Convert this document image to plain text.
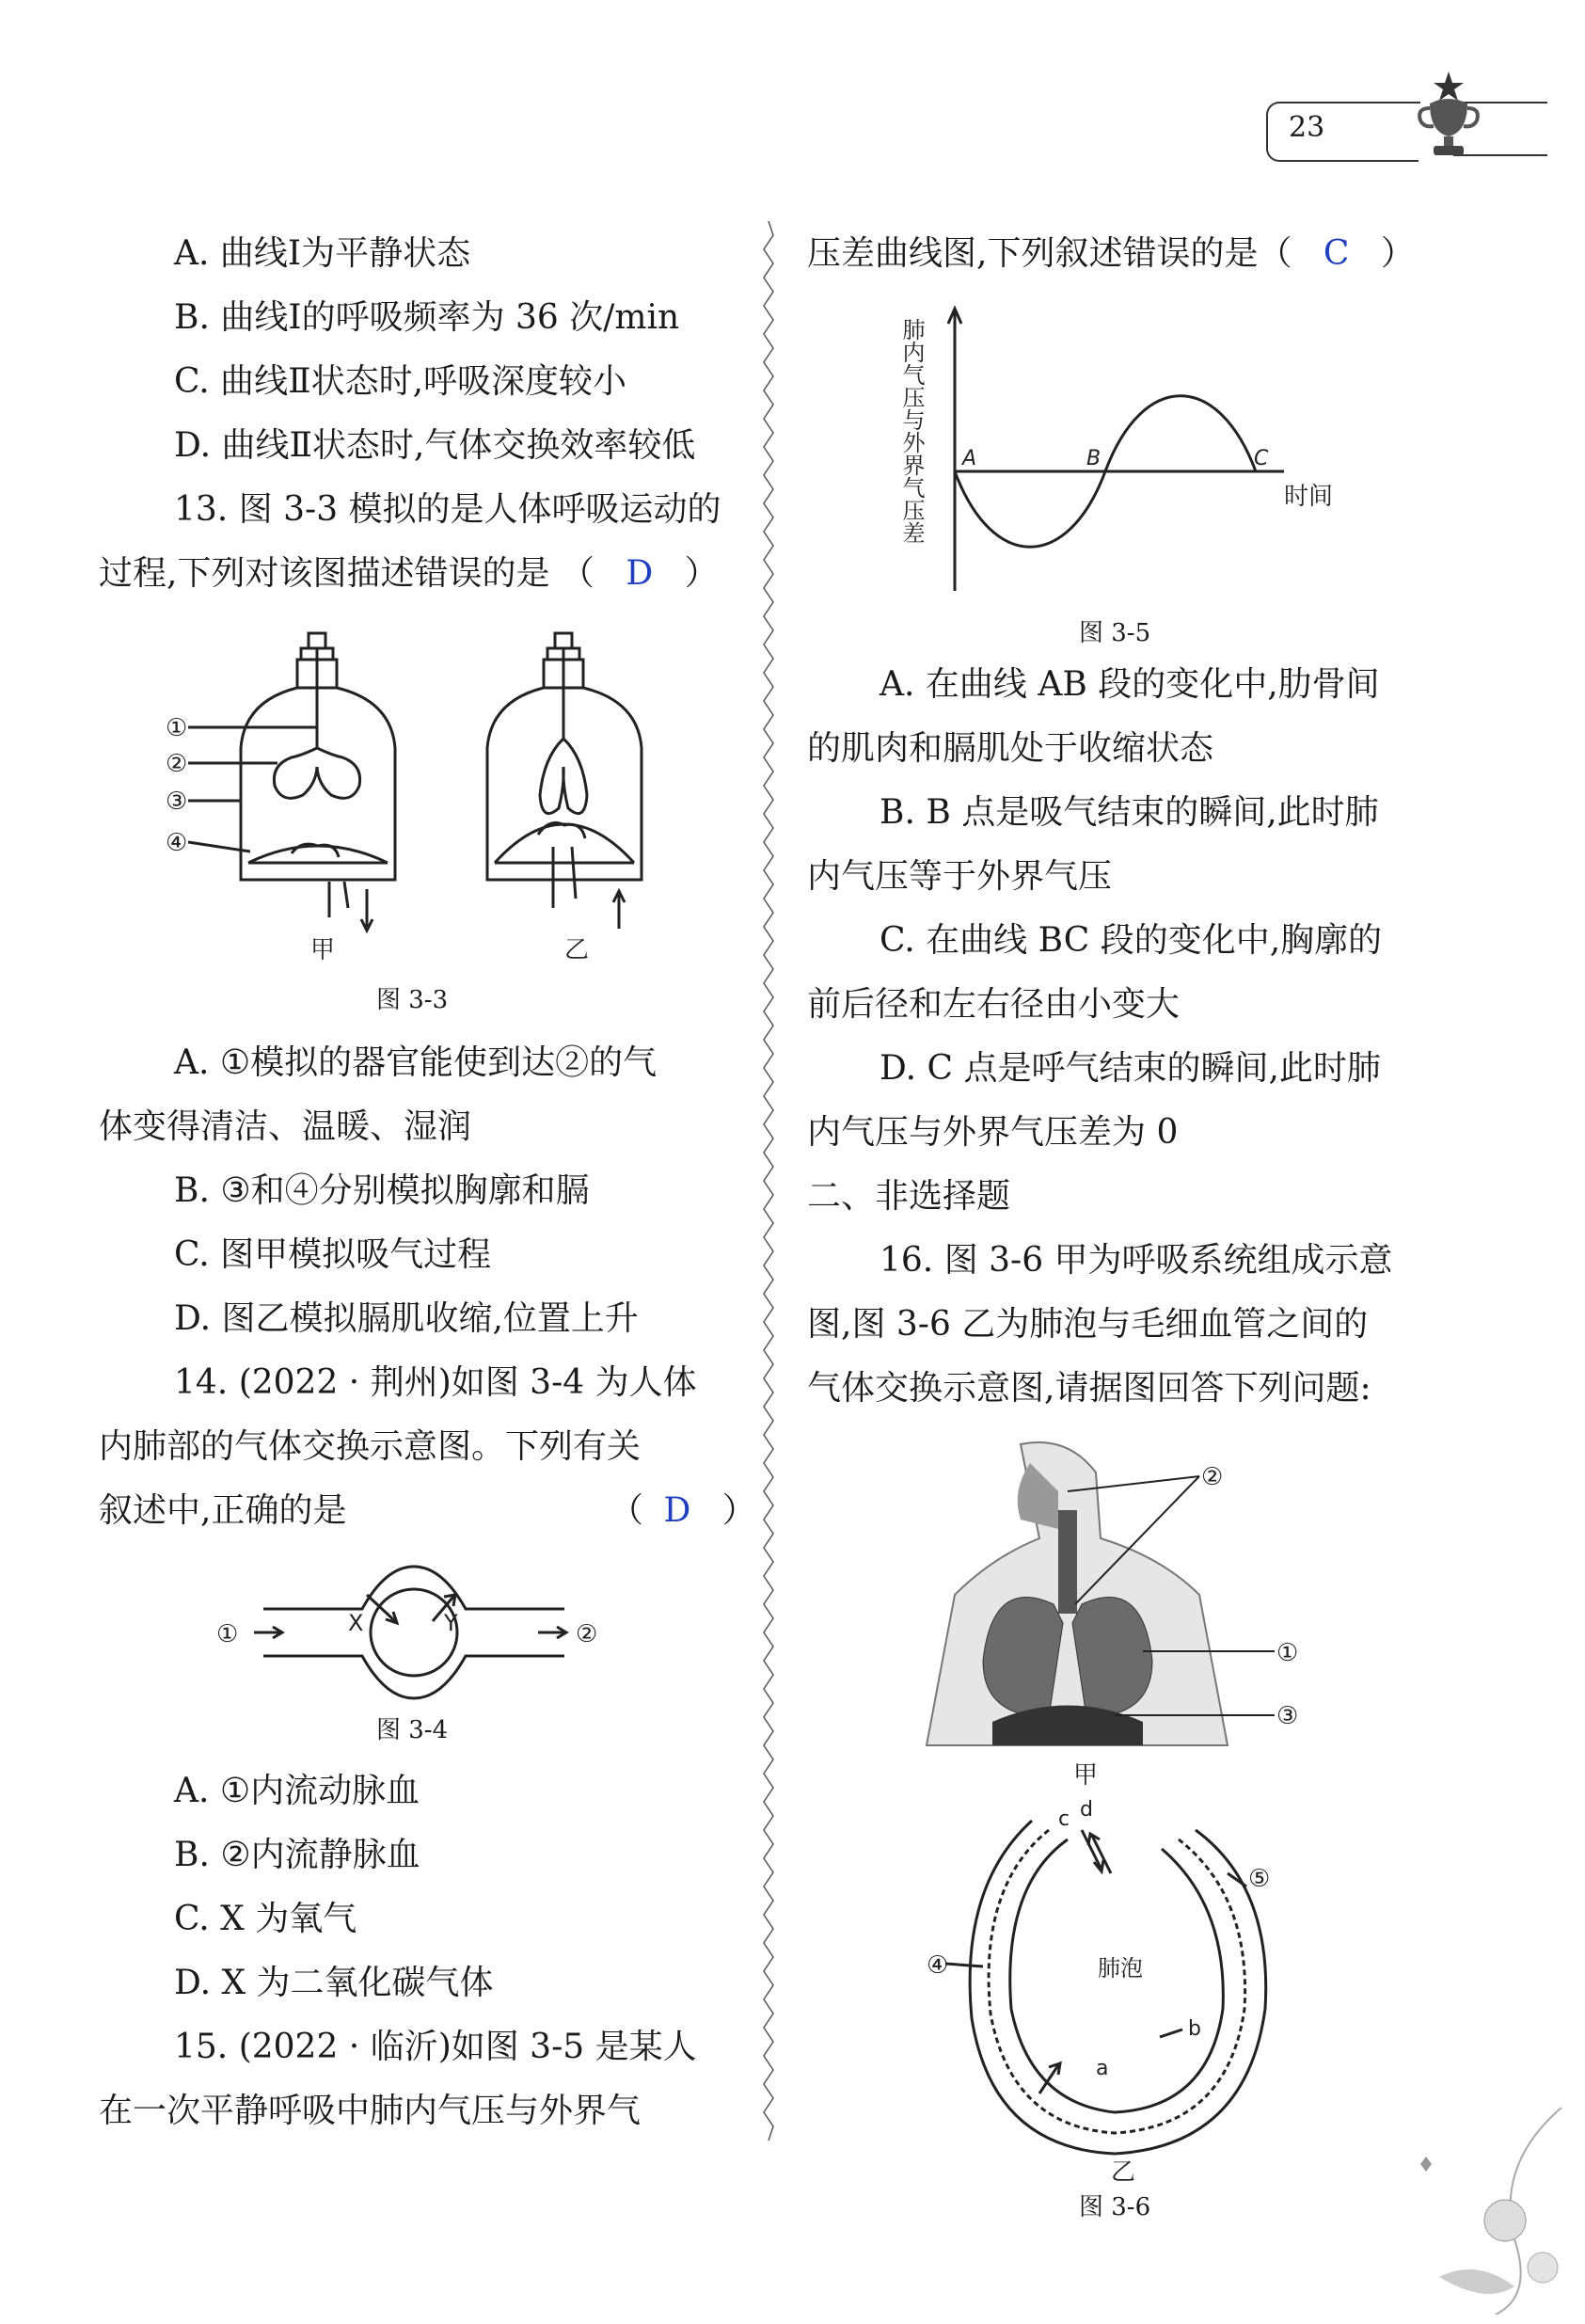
23
A. 曲线Ⅰ为平静状态
B. 曲线Ⅰ的呼吸频率为 36 次/min
C. 曲线Ⅱ状态时,呼吸深度较小
D. 曲线Ⅱ状态时,气体交换效率较低
13. 图 3-3 模拟的是人体呼吸运动的
过程,下列对该图描述错误的是 （ D ）
①
②
③
④
甲	乙
图 3-3
A. ①模拟的器官能使到达②的气
体变得清洁、温暖、湿润
B. ③和④分别模拟胸廓和膈
C. 图甲模拟吸气过程
D. 图乙模拟膈肌收缩,位置上升
14. (2022 · 荆州)如图 3-4 为人体
内肺部的气体交换示意图。下列有关
叙述中,正确的是	（ D ）
①	②
X	Y
图 3-4
A. ①内流动脉血
B. ②内流静脉血
C. X 为氧气
D. X 为二氧化碳气体
15. (2022 · 临沂)如图 3-5 是某人
在一次平静呼吸中肺内气压与外界气
压差曲线图,下列叙述错误的是（ C ）
肺内气压与外界气压差	时间
A	B	C
图 3-5
A. 在曲线 AB 段的变化中,肋骨间
的肌肉和膈肌处于收缩状态
B. B 点是吸气结束的瞬间,此时肺
内气压等于外界气压
C. 在曲线 BC 段的变化中,胸廓的
前后径和左右径由小变大
D. C 点是呼气结束的瞬间,此时肺
内气压与外界气压差为 0
二、非选择题
16. 图 3-6 甲为呼吸系统组成示意
图,图 3-6 乙为肺泡与毛细血管之间的
气体交换示意图,请据图回答下列问题:
②
①
③
甲
c d
⑤
④	肺泡
b
a
乙
图 3-6
